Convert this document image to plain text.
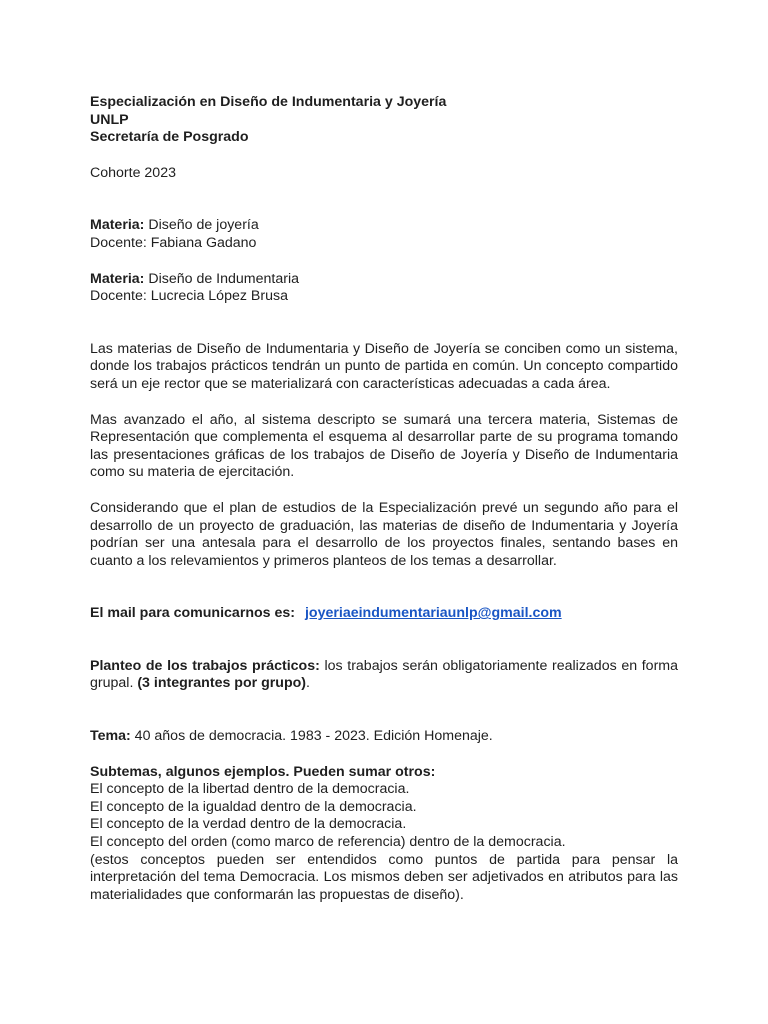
Especialización en Diseño de Indumentaria y Joyería

UNLP

Secretaría de Posgrado

Cohorte 2023

Materia: Diseño de joyería

Docente: Fabiana Gadano

Materia: Diseño de Indumentaria

Docente: Lucrecia López Brusa

Las materias de Diseño de Indumentaria y Diseño de Joyería se conciben como un sistema, donde los trabajos prácticos tendrán un punto de partida en común. Un concepto compartido será un eje rector que se materializará con características adecuadas a cada área.

Mas avanzado el año, al sistema descripto se sumará una tercera materia, Sistemas de Representación que complementa el esquema al desarrollar parte de su programa tomando las presentaciones gráficas de los trabajos de Diseño de Joyería y Diseño de Indumentaria como su materia de ejercitación.

Considerando que el plan de estudios de la Especialización prevé un segundo año para el desarrollo de un proyecto de graduación, las materias de diseño de Indumentaria y Joyería podrían ser una antesala para el desarrollo de los proyectos finales, sentando bases en cuanto a los relevamientos y primeros planteos de los temas a desarrollar.

El mail para comunicarnos es: joyeriaeindumentariaunlp@gmail.com

Planteo de los trabajos prácticos: los trabajos serán obligatoriamente realizados en forma grupal. (3 integrantes por grupo).

Tema: 40 años de democracia. 1983 - 2023. Edición Homenaje.

Subtemas, algunos ejemplos. Pueden sumar otros:

El concepto de la libertad dentro de la democracia.

El concepto de la igualdad dentro de la democracia.

El concepto de la verdad dentro de la democracia.

El concepto del orden (como marco de referencia) dentro de la democracia.

(estos conceptos pueden ser entendidos como puntos de partida para pensar la interpretación del tema Democracia. Los mismos deben ser adjetivados en atributos para las materialidades que conformarán las propuestas de diseño).
